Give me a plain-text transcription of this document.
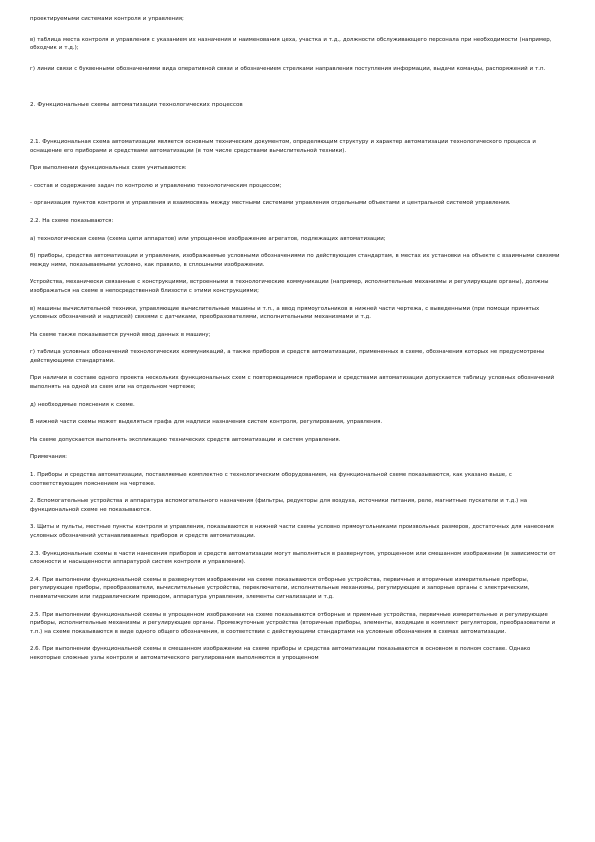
проектируемыми системами контроля и управления;

в) таблица места контроля и управления с указанием их назначения и наименования цеха, участка и т.д., должности обслуживающего персонала при необходимости (например, обходчик и т.д.);

г) линии связи с буквенными обозначениями вида оперативной связи и обозначением стрелками направления поступления информации, выдачи команды, распоряжений и т.п.

2. Функциональные схемы автоматизации технологических процессов

2.1. Функциональная схема автоматизации является основным техническим документом, определяющим структуру и характер автоматизации технологического процесса и оснащение его приборами и средствами автоматизации (в том числе средствами вычислительной техники).

При выполнении функциональных схем учитываются:

- состав и содержание задач по контролю и управлению технологическим процессом;

- организация пунктов контроля и управления и взаимосвязь между местными системами управления отдельными объектами и центральной системой управления.

2.2. На схеме показываются:

а) технологическая схема (схема цепи аппаратов) или упрощенное изображение агрегатов, подлежащих автоматизации;

б) приборы, средства автоматизации и управления, изображаемые условными обозначениями по действующим стандартам, в местах их установки на объекте с взаимными связями между ними, показываемыми условно, как правило, в сплошными изображении.

Устройства, механически связанные с конструкциями, встроенными в технологические коммуникации (например, исполнительные механизмы и регулирующие органы), должны изображаться на схеме в непосредственной близости с этими конструкциями;

в) машины вычислительной техники, управляющие вычислительные машины и т.п., а ввод прямоугольников в нижней части чертежа, с выведенными (при помощи принятых условных обозначений и надписей) связями с датчиками, преобразователями, исполнительными механизмами и т.д.

На схеме также показывается ручной ввод данных в машину;

г) таблица условных обозначений технологических коммуникаций, а также приборов и средств автоматизации, примененных в схеме, обозначения которых не предусмотрены действующими стандартами.

При наличии в составе одного проекта нескольких функциональных схем с повторяющимися приборами и средствами автоматизации допускается таблицу условных обозначений выполнять на одной из схем или на отдельном чертеже;

д) необходимые пояснения к схеме.

В нижней части схемы может выделяться графа для надписи назначения систем контроля, регулирования, управления.

На схеме допускается выполнять экспликацию технических средств автоматизации и систем управления.

Примечания:

1. Приборы и средства автоматизации, поставляемые комплектно с технологическим оборудованием, на функциональной схеме показываются, как указано выше, с соответствующим пояснением на чертеже.

2. Вспомогательные устройства и аппаратура вспомогательного назначения (фильтры, редукторы для воздуха, источники питания, реле, магнитные пускатели и т.д.) на функциональной схеме не показываются.

3. Щиты и пульты, местные пункты контроля и управления, показываются в нижней части схемы условно прямоугольниками произвольных размеров, достаточных для нанесения условных обозначений устанавливаемых приборов и средств автоматизации.

2.3. Функциональные схемы в части нанесения приборов и средств автоматизации могут выполняться в развернутом, упрощенном или смешанном изображении (в зависимости от сложности и насыщенности аппаратурой систем контроля и управления).

2.4. При выполнении функциональной схемы в развернутом изображении на схеме показываются отборные устройства, первичные и вторичные измерительные приборы, регулирующие приборы, преобразователи, вычислительные устройства, переключатели, исполнительные механизмы, регулирующие и запорные органы с электрическим, пневматическим или гидравлическим приводом, аппаратура управления, элементы сигнализации и т.д.

2.5. При выполнении функциональной схемы в упрощенном изображении на схеме показываются отборные и приемные устройства, первичные измерительные и регулирующие приборы, исполнительные механизмы и регулирующие органы. Промежуточные устройства (вторичные приборы, элементы, входящие в комплект регуляторов, преобразователи и т.п.) на схеме показываются в виде одного общего обозначения, в соответствии с действующими стандартами на условные обозначения в схемах автоматизации.

2.6. При выполнении функциональной схемы в смешанном изображении на схеме приборы и средства автоматизации показываются в основном в полном составе. Однако некоторые сложные узлы контроля и автоматического регулирования выполняются в упрощенном
